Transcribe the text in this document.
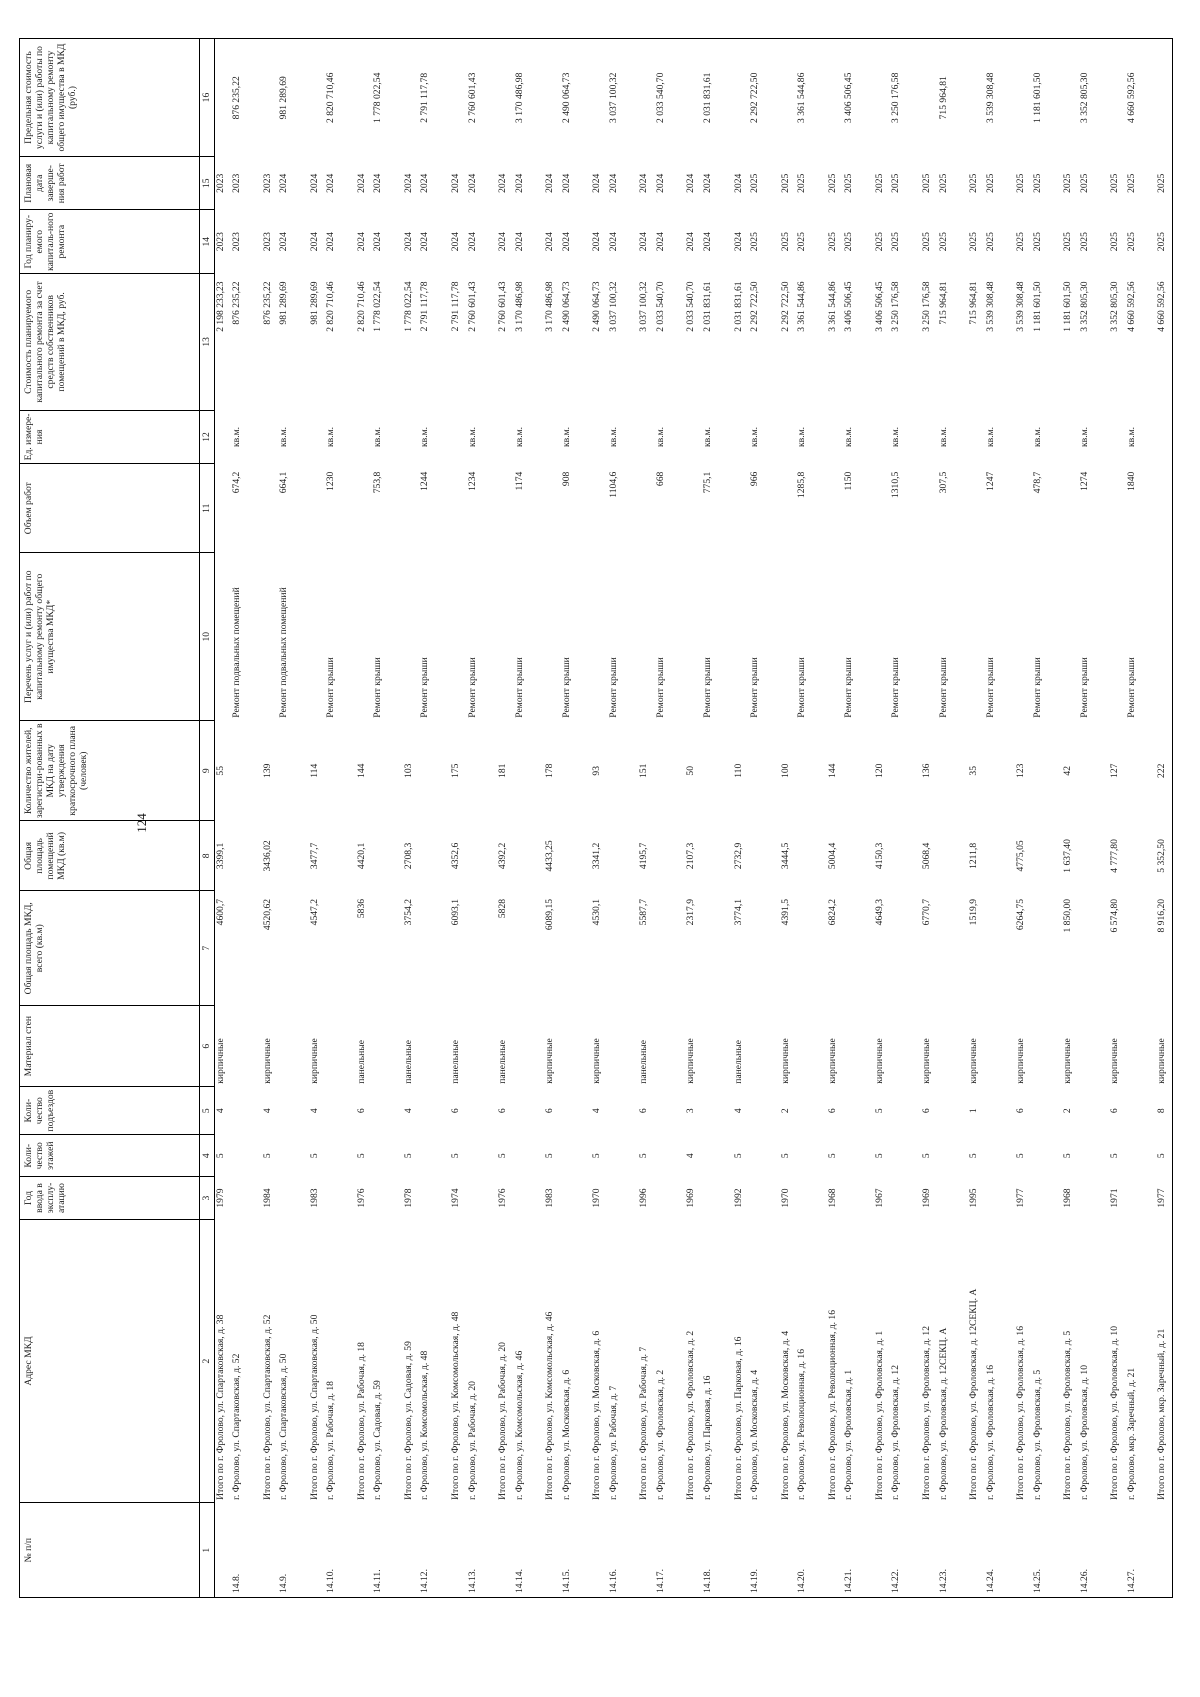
124
№ п/п	Адрес МКД	Год ввода в эксплу-атацию	Коли-чество этажей	Коли-чество подъездов	Материал стен	Общая площадь МКД, всего (кв.м)	Общая площадь помещений МКД (кв.м)	Количество жителей, зарегистри-рованных в МКД на дату утверждения краткосрочного плана (человек)	Перечень услуг и (или) работ по капитальному ремонту общего имущества МКД*	Объем работ	Ед. измере-ния	Стоимость планируемого капитального ремонта за счет средств собственников помещений в МКД, руб.	Год планиру-емого капиталь-ного ремонта	Плановая дата заверше-ния работ	Предельная стоимость услуги и (или) работы по капитальному ремонту общего имущества в МКД (руб.)
1	2	3	4	5	6	7	8	9	10	11	12	13	14	15	16
	Итого по г. Фролово, ул. Спартаковская, д. 38	1979	5	4	кирпичные	4600,7	3399,1	55				2 198 233,23	2023	2023	
14.8.	г. Фролово, ул. Спартаковская, д. 52								Ремонт подвальных помещений	674,2	кв.м.	876 235,22	2023	2023	876 235,22
	Итого по г. Фролово, ул. Спартаковская, д. 52	1984	5	4	кирпичные	4520,62	3436,02	139				876 235,22	2023	2023	
14.9.	г. Фролово, ул. Спартаковская, д. 50								Ремонт подвальных помещений	664,1	кв.м.	981 289,69	2024	2024	981 289,69
	Итого по г. Фролово, ул. Спартаковская, д. 50	1983	5	4	кирпичные	4547,2	3477,7	114				981 289,69	2024	2024	
14.10.	г. Фролово, ул. Рабочая, д. 18								Ремонт крыши	1230	кв.м.	2 820 710,46	2024	2024	2 820 710,46
	Итого по г. Фролово, ул. Рабочая, д. 18	1976	5	6	панельные	5836	4420,1	144				2 820 710,46	2024	2024	
14.11.	г. Фролово, ул. Садовая, д. 59								Ремонт крыши	753,8	кв.м.	1 778 022,54	2024	2024	1 778 022,54
	Итого по г. Фролово, ул. Садовая, д. 59	1978	5	4	панельные	3754,2	2708,3	103				1 778 022,54	2024	2024	
14.12.	г. Фролово, ул. Комсомольская, д. 48								Ремонт крыши	1244	кв.м.	2 791 117,78	2024	2024	2 791 117,78
	Итого по г. Фролово, ул. Комсомольская, д. 48	1974	5	6	панельные	6093,1	4352,6	175				2 791 117,78	2024	2024	
14.13.	г. Фролово, ул. Рабочая, д. 20								Ремонт крыши	1234	кв.м.	2 760 601,43	2024	2024	2 760 601,43
	Итого по г. Фролово, ул. Рабочая, д. 20	1976	5	6	панельные	5828	4392,2	181				2 760 601,43	2024	2024	
14.14.	г. Фролово, ул. Комсомольская, д. 46								Ремонт крыши	1174	кв.м.	3 170 486,98	2024	2024	3 170 486,98
	Итого по г. Фролово, ул. Комсомольская, д. 46	1983	5	6	кирпичные	6089,15	4433,25	178				3 170 486,98	2024	2024	
14.15.	г. Фролово, ул. Московская, д. 6								Ремонт крыши	908	кв.м.	2 490 064,73	2024	2024	2 490 064,73
	Итого по г. Фролово, ул. Московская, д. 6	1970	5	4	кирпичные	4530,1	3341,2	93				2 490 064,73	2024	2024	
14.16.	г. Фролово, ул. Рабочая, д. 7								Ремонт крыши	1104,6	кв.м.	3 037 100,32	2024	2024	3 037 100,32
	Итого по г. Фролово, ул. Рабочая, д. 7	1996	5	6	панельные	5587,7	4195,7	151				3 037 100,32	2024	2024	
14.17.	г. Фролово, ул. Фроловская, д. 2								Ремонт крыши	668	кв.м.	2 033 540,70	2024	2024	2 033 540,70
	Итого по г. Фролово, ул. Фроловская, д. 2	1969	4	3	кирпичные	2317,9	2107,3	50				2 033 540,70	2024	2024	
14.18.	г. Фролово, ул. Парковая, д. 16								Ремонт крыши	775,1	кв.м.	2 031 831,61	2024	2024	2 031 831,61
	Итого по г. Фролово, ул. Парковая, д. 16	1992	5	4	панельные	3774,1	2732,9	110				2 031 831,61	2024	2024	
14.19.	г. Фролово, ул. Московская, д. 4								Ремонт крыши	966	кв.м.	2 292 722,50	2025	2025	2 292 722,50
	Итого по г. Фролово, ул. Московская, д. 4	1970	5	2	кирпичные	4391,5	3444,5	100				2 292 722,50	2025	2025	
14.20.	г. Фролово, ул. Революционная, д. 16								Ремонт крыши	1285,8	кв.м.	3 361 544,86	2025	2025	3 361 544,86
	Итого по г. Фролово, ул. Революционная, д. 16	1968	5	6	кирпичные	6824,2	5004,4	144				3 361 544,86	2025	2025	
14.21.	г. Фролово, ул. Фроловская, д. 1								Ремонт крыши	1150	кв.м.	3 406 506,45	2025	2025	3 406 506,45
	Итого по г. Фролово, ул. Фроловская, д. 1	1967	5	5	кирпичные	4649,3	4150,3	120				3 406 506,45	2025	2025	
14.22.	г. Фролово, ул. Фроловская, д. 12								Ремонт крыши	1310,5	кв.м.	3 250 176,58	2025	2025	3 250 176,58
	Итого по г. Фролово, ул. Фроловская, д. 12	1969	5	6	кирпичные	6770,7	5068,4	136				3 250 176,58	2025	2025	
14.23.	г. Фролово, ул. Фроловская, д. 12СЕКЦ. А								Ремонт крыши	307,5	кв.м.	715 964,81	2025	2025	715 964,81
	Итого по г. Фролово, ул. Фроловская, д. 12СЕКЦ. А	1995	5	1	кирпичные	1519,9	1211,8	35				715 964,81	2025	2025	
14.24.	г. Фролово, ул. Фроловская, д. 16								Ремонт крыши	1247	кв.м.	3 539 308,48	2025	2025	3 539 308,48
	Итого по г. Фролово, ул. Фроловская, д. 16	1977	5	6	кирпичные	6264,75	4775,05	123				3 539 308,48	2025	2025	
14.25.	г. Фролово, ул. Фроловская, д. 5								Ремонт крыши	478,7	кв.м.	1 181 601,50	2025	2025	1 181 601,50
	Итого по г. Фролово, ул. Фроловская, д. 5	1968	5	2	кирпичные	1 850,00	1 637,40	42				1 181 601,50	2025	2025	
14.26.	г. Фролово, ул. Фроловская, д. 10								Ремонт крыши	1274	кв.м.	3 352 805,30	2025	2025	3 352 805,30
	Итого по г. Фролово, ул. Фроловская, д. 10	1971	5	6	кирпичные	6 574,80	4 777,80	127				3 352 805,30	2025	2025	
14.27.	г. Фролово, мкр. Заречный, д. 21								Ремонт крыши	1840	кв.м.	4 660 592,56	2025	2025	4 660 592,56
	Итого по г. Фролово, мкр. Заречный, д. 21	1977	5	8	кирпичные	8 916,20	5 352,50	222				4 660 592,56	2025	2025	
